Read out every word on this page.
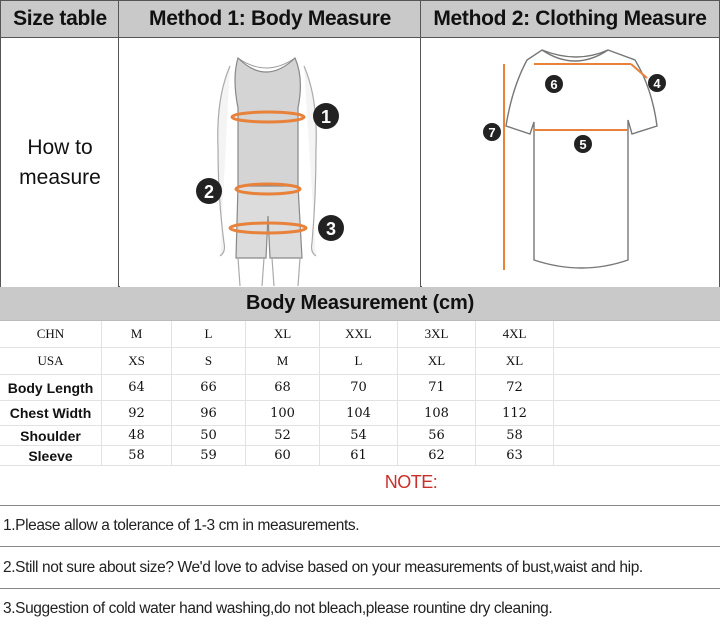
Size table	Method 1: Body Measure	Method 2: Clothing Measure
How to
measure
1
2
3
4
5
6
7
Body Measurement (cm)
CHN	M	L	XL	XXL	3XL	4XL
USA	XS	S	M	L	XL	XL
Body Length	64	66	68	70	71	72
Chest Width	92	96	100	104	108	112
Shoulder	48	50	52	54	56	58
Sleeve	58	59	60	61	62	63
NOTE:
1.Please allow a tolerance of 1-3 cm in measurements.
2.Still not sure about size? We'd love to advise based on your measurements of bust,waist and hip.
3.Suggestion of cold water hand washing,do not bleach,please rountine dry cleaning.
